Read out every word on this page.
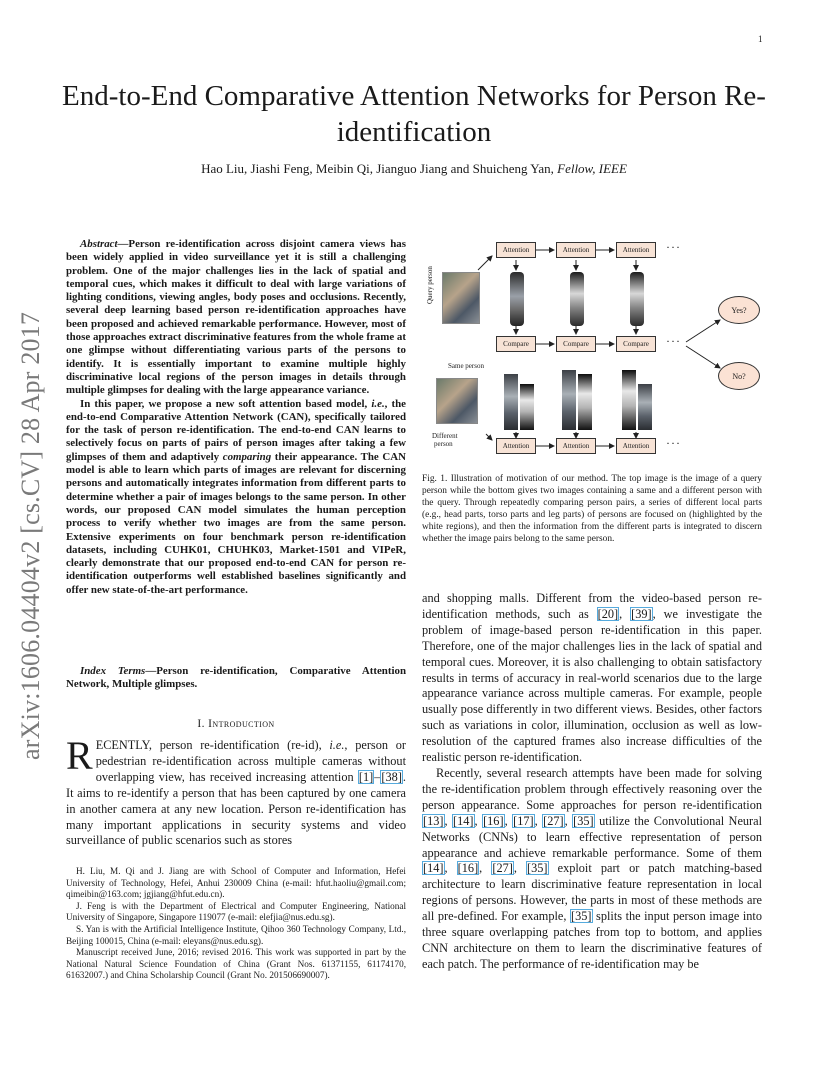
1
arXiv:1606.04404v2 [cs.CV] 28 Apr 2017
End-to-End Comparative Attention Networks for Person Re-identification
Hao Liu, Jiashi Feng, Meibin Qi, Jianguo Jiang and Shuicheng Yan, Fellow, IEEE

Abstract—Person re-identification across disjoint camera views has been widely applied in video surveillance yet it is still a challenging problem. One of the major challenges lies in the lack of spatial and temporal cues, which makes it difficult to deal with large variations of lighting conditions, viewing angles, body poses and occlusions. Recently, several deep learning based person re-identification approaches have been proposed and achieved remarkable performance. However, most of those approaches extract discriminative features from the whole frame at one glimpse without differentiating various parts of the persons to identify. It is essentially important to examine multiple highly discriminative local regions of the person images in details through multiple glimpses for dealing with the large appearance variance.

In this paper, we propose a new soft attention based model, i.e., the end-to-end Comparative Attention Network (CAN), specifically tailored for the task of person re-identification. The end-to-end CAN learns to selectively focus on parts of pairs of person images after taking a few glimpses of them and adaptively comparing their appearance. The CAN model is able to learn which parts of images are relevant for discerning persons and automatically integrates information from different parts to determine whether a pair of images belongs to the same person. In other words, our proposed CAN model simulates the human perception process to verify whether two images are from the same person. Extensive experiments on four benchmark person re-identification datasets, including CUHK01, CHUHK03, Market-1501 and VIPeR, clearly demonstrate that our proposed end-to-end CAN for person re-identification outperforms well established baselines significantly and offer new state-of-the-art performance.

Index Terms—Person re-identification, Comparative Attention Network, Multiple glimpses.
I. Introduction
RECENTLY, person re-identification (re-id), i.e., person or pedestrian re-identification across multiple cameras without overlapping view, has received increasing attention [1]–[38]. It aims to re-identify a person that has been captured by one camera in another camera at any new location. Person re-identification has many important applications in security systems and video surveillance of public scenarios such as stores

H. Liu, M. Qi and J. Jiang are with School of Computer and Information, Hefei University of Technology, Hefei, Anhui 230009 China (e-mail: hfut.haoliu@gmail.com; qimeibin@163.com; jgjiang@hfut.edu.cn).

J. Feng is with the Department of Electrical and Computer Engineering, National University of Singapore, Singapore 119077 (e-mail: elefjia@nus.edu.sg).

S. Yan is with the Artificial Intelligence Institute, Qihoo 360 Technology Company, Ltd., Beijing 100015, China (e-mail: eleyans@nus.edu.sg).

Manuscript received June, 2016; revised 2016. This work was supported in part by the National Natural Science Foundation of China (Grant Nos. 61371155, 61174170, 61632007.) and China Scholarship Council (Grant No. 201506690007).

Attention	Attention	Attention	···
Query person
Compare	Compare	Compare	···
Yes?
No?
Same person
Different
person	Attention	Attention	Attention	···
Fig. 1. Illustration of motivation of our method. The top image is the image of a query person while the bottom gives two images containing a same and a different person with the query. Through repeatedly comparing person pairs, a series of different local parts (e.g., head parts, torso parts and leg parts) of persons are focused on (highlighted by the white regions), and then the information from the different parts is integrated to discern whether the image pairs belong to the same person.

and shopping malls. Different from the video-based person re-identification methods, such as [20], [39], we investigate the problem of image-based person re-identification in this paper. Therefore, one of the major challenges lies in the lack of spatial and temporal cues. Moreover, it is also challenging to obtain satisfactory results in terms of accuracy in real-world scenarios due to the large appearance variance across multiple cameras. For example, people usually pose differently in two different views. Besides, other factors such as variations in color, illumination, occlusion as well as low-resolution of the captured frames also increase difficulties of the realistic person re-identification.

Recently, several research attempts have been made for solving the re-identification problem through effectively reasoning over the person appearance. Some approaches for person re-identification [13], [14], [16], [17], [27], [35] utilize the Convolutional Neural Networks (CNNs) to learn effective representation of person appearance and achieve remarkable performance. Some of them [14], [16], [27], [35] exploit part or patch matching-based architecture to learn discriminative feature representation in local regions of persons. However, the parts in most of these methods are all pre-defined. For example, [35] splits the input person image into three square overlapping patches from top to bottom, and applies CNN architecture on them to learn the discriminative features of each patch. The performance of re-identification may be
